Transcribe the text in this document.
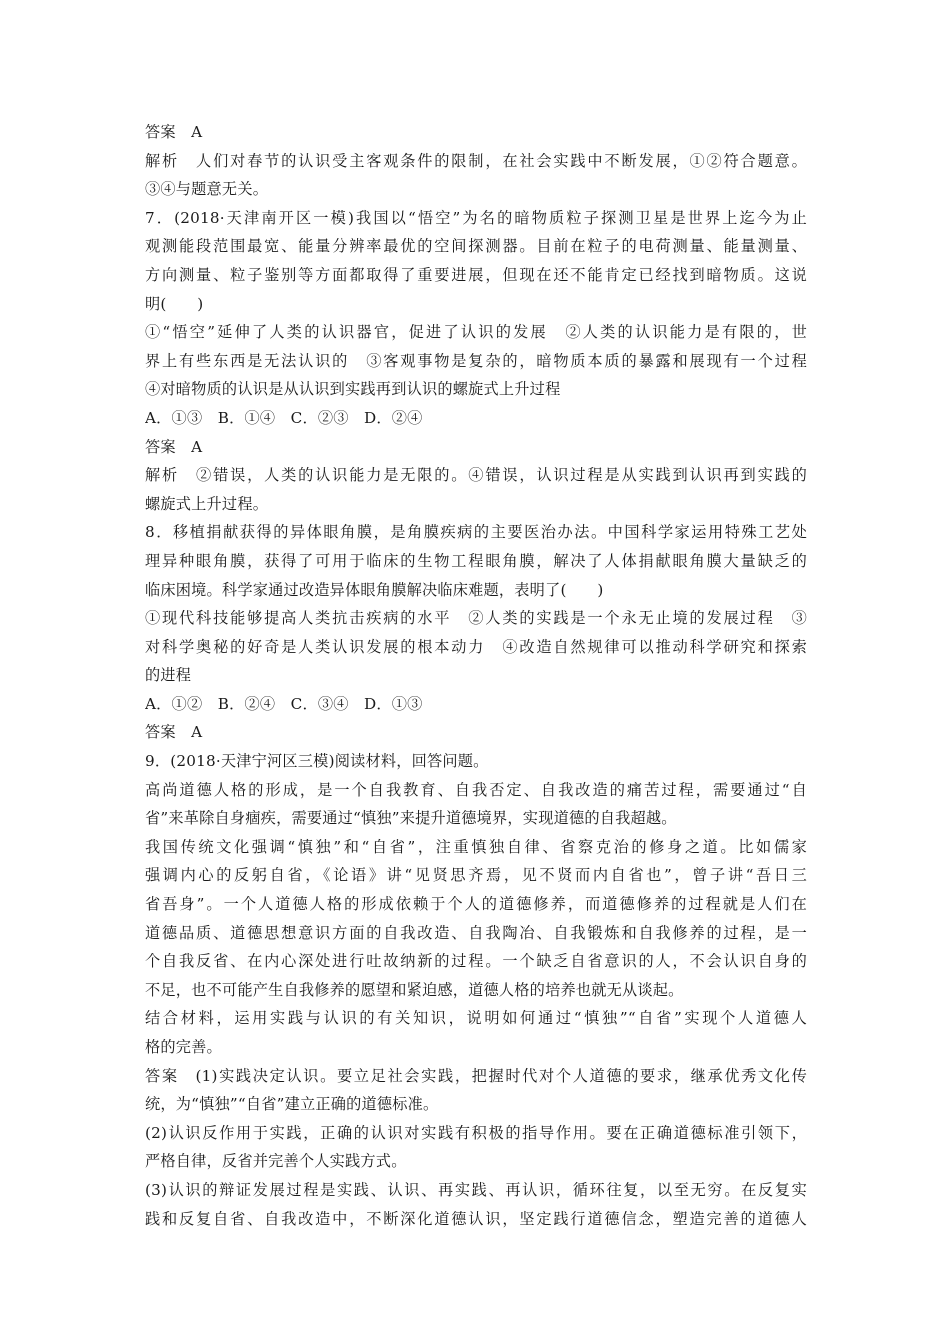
答案　A
解析　人们对春节的认识受主客观条件的限制，在社会实践中不断发展，①②符合题意。
③④与题意无关。
7．(2018·天津南开区一模)我国以“悟空”为名的暗物质粒子探测卫星是世界上迄今为止
观测能段范围最宽、能量分辨率最优的空间探测器。目前在粒子的电荷测量、能量测量、
方向测量、粒子鉴别等方面都取得了重要进展，但现在还不能肯定已经找到暗物质。这说
明(　　)
①“悟空”延伸了人类的认识器官，促进了认识的发展　②人类的认识能力是有限的，世
界上有些东西是无法认识的　③客观事物是复杂的，暗物质本质的暴露和展现有一个过程
④对暗物质的认识是从认识到实践再到认识的螺旋式上升过程
A．①③　B．①④　C．②③　D．②④
答案　A
解析　②错误，人类的认识能力是无限的。④错误，认识过程是从实践到认识再到实践的
螺旋式上升过程。
8．移植捐献获得的异体眼角膜，是角膜疾病的主要医治办法。中国科学家运用特殊工艺处
理异种眼角膜，获得了可用于临床的生物工程眼角膜，解决了人体捐献眼角膜大量缺乏的
临床困境。科学家通过改造异体眼角膜解决临床难题，表明了(　　)
①现代科技能够提高人类抗击疾病的水平　②人类的实践是一个永无止境的发展过程　③
对科学奥秘的好奇是人类认识发展的根本动力　④改造自然规律可以推动科学研究和探索
的进程
A．①②　B．②④　C．③④　D．①③
答案　A
9．(2018·天津宁河区三模)阅读材料，回答问题。
高尚道德人格的形成，是一个自我教育、自我否定、自我改造的痛苦过程，需要通过“自
省”来革除自身痼疾，需要通过“慎独”来提升道德境界，实现道德的自我超越。
我国传统文化强调“慎独”和“自省”，注重慎独自律、省察克治的修身之道。比如儒家
强调内心的反躬自省，《论语》讲“见贤思齐焉，见不贤而内自省也”，曾子讲“吾日三
省吾身”。一个人道德人格的形成依赖于个人的道德修养，而道德修养的过程就是人们在
道德品质、道德思想意识方面的自我改造、自我陶冶、自我锻炼和自我修养的过程，是一
个自我反省、在内心深处进行吐故纳新的过程。一个缺乏自省意识的人，不会认识自身的
不足，也不可能产生自我修养的愿望和紧迫感，道德人格的培养也就无从谈起。
结合材料，运用实践与认识的有关知识，说明如何通过“慎独”“自省”实现个人道德人
格的完善。
答案　(1)实践决定认识。要立足社会实践，把握时代对个人道德的要求，继承优秀文化传
统，为“慎独”“自省”建立正确的道德标准。
(2)认识反作用于实践，正确的认识对实践有积极的指导作用。要在正确道德标准引领下，
严格自律，反省并完善个人实践方式。
(3)认识的辩证发展过程是实践、认识、再实践、再认识，循环往复，以至无穷。在反复实
践和反复自省、自我改造中，不断深化道德认识，坚定践行道德信念，塑造完善的道德人
